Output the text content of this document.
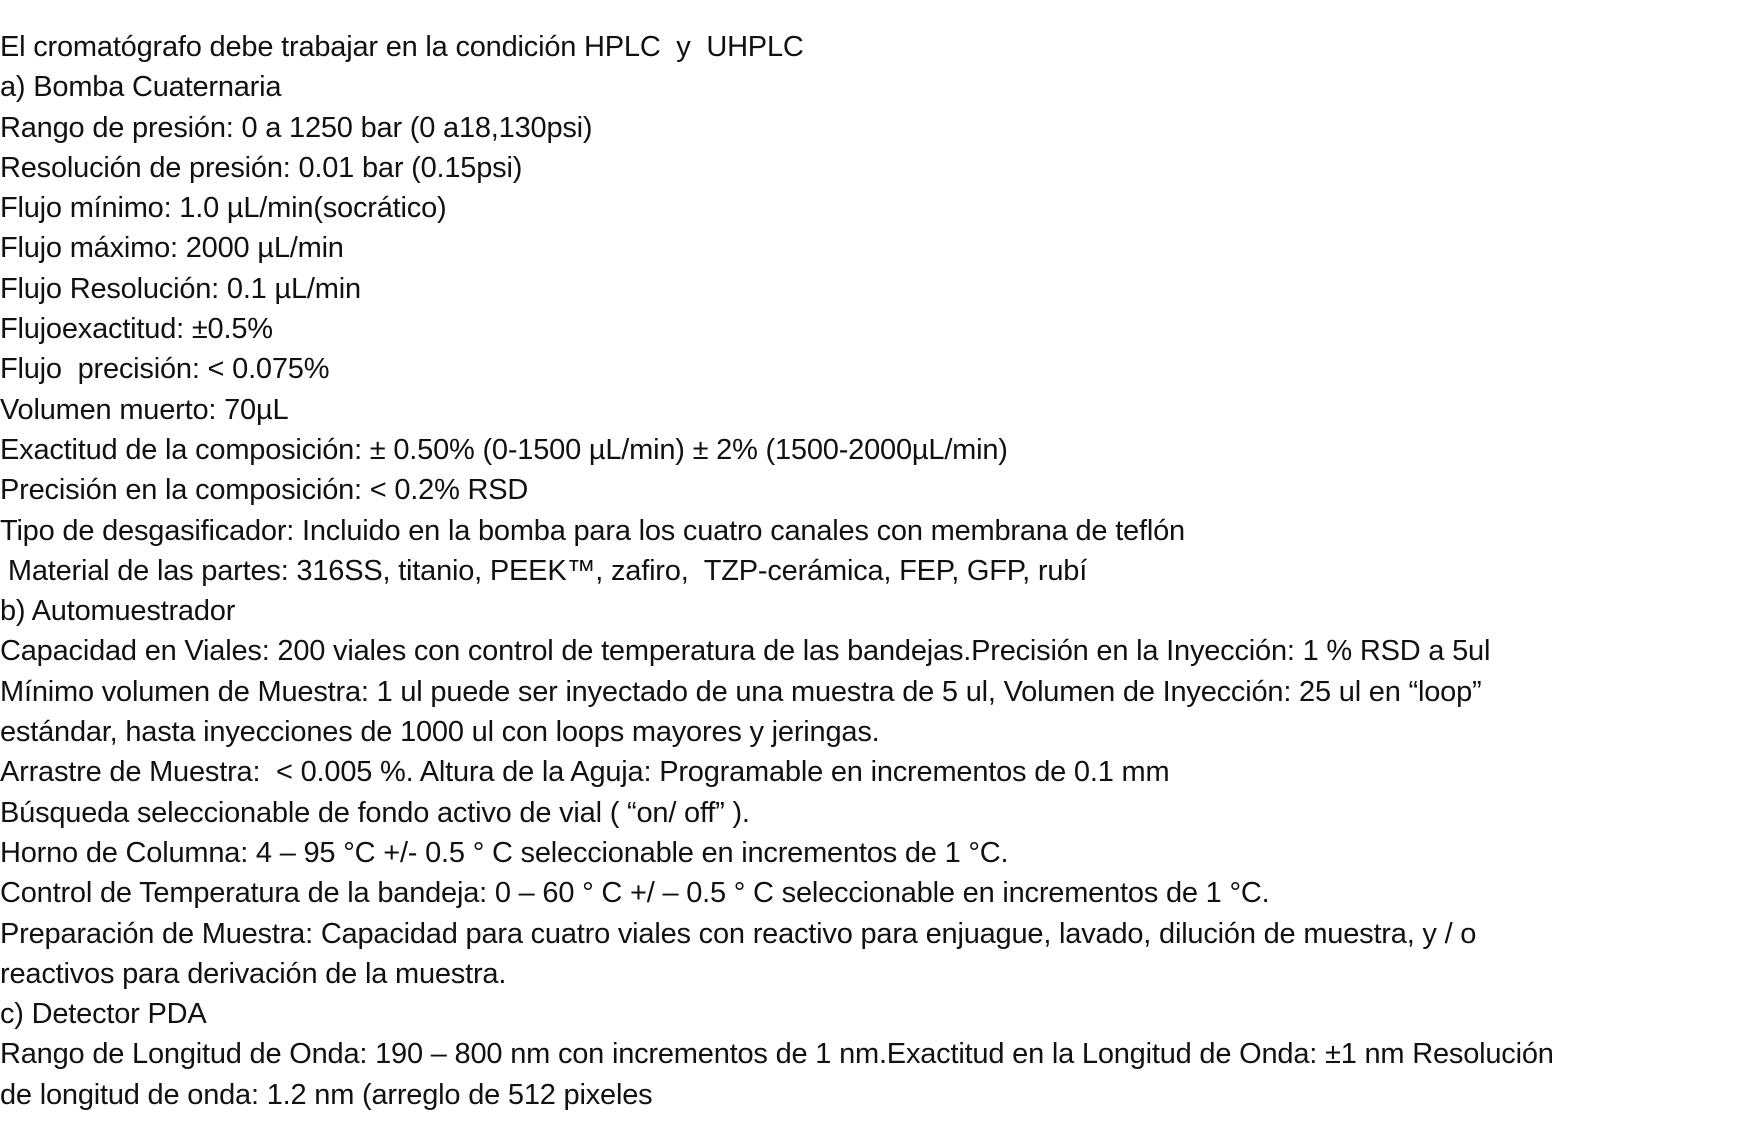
El cromatógrafo debe trabajar en la condición HPLC  y  UHPLC

a) Bomba Cuaternaria

Rango de presión: 0 a 1250 bar (0 a18,130psi)

Resolución de presión: 0.01 bar (0.15psi)

Flujo mínimo: 1.0 µL/min(socrático)

Flujo máximo: 2000 µL/min

Flujo Resolución: 0.1 µL/min

Flujoexactitud: ±0.5%

Flujo  precisión: < 0.075%

Volumen muerto: 70µL

Exactitud de la composición: ± 0.50% (0-1500 µL/min) ± 2% (1500-2000µL/min)

Precisión en la composición: < 0.2% RSD

Tipo de desgasificador: Incluido en la bomba para los cuatro canales con membrana de teflón

Material de las partes: 316SS, titanio, PEEK™, zafiro,  TZP-cerámica, FEP, GFP, rubí

b) Automuestrador

Capacidad en Viales: 200 viales con control de temperatura de las bandejas.Precisión en la Inyección: 1 % RSD a 5ul

Mínimo volumen de Muestra: 1 ul puede ser inyectado de una muestra de 5 ul, Volumen de Inyección: 25 ul en “loop”

estándar, hasta inyecciones de 1000 ul con loops mayores y jeringas.

Arrastre de Muestra:  < 0.005 %. Altura de la Aguja: Programable en incrementos de 0.1 mm

Búsqueda seleccionable de fondo activo de vial ( “on/ off” ).

Horno de Columna: 4 – 95 °C +/- 0.5 ° C seleccionable en incrementos de 1 °C.

Control de Temperatura de la bandeja: 0 – 60 ° C +/ – 0.5 ° C seleccionable en incrementos de 1 °C.

Preparación de Muestra: Capacidad para cuatro viales con reactivo para enjuague, lavado, dilución de muestra, y / o

reactivos para derivación de la muestra.

c) Detector PDA

Rango de Longitud de Onda: 190 – 800 nm con incrementos de 1 nm.Exactitud en la Longitud de Onda: ±1 nm Resolución

de longitud de onda: 1.2 nm (arreglo de 512 pixeles
